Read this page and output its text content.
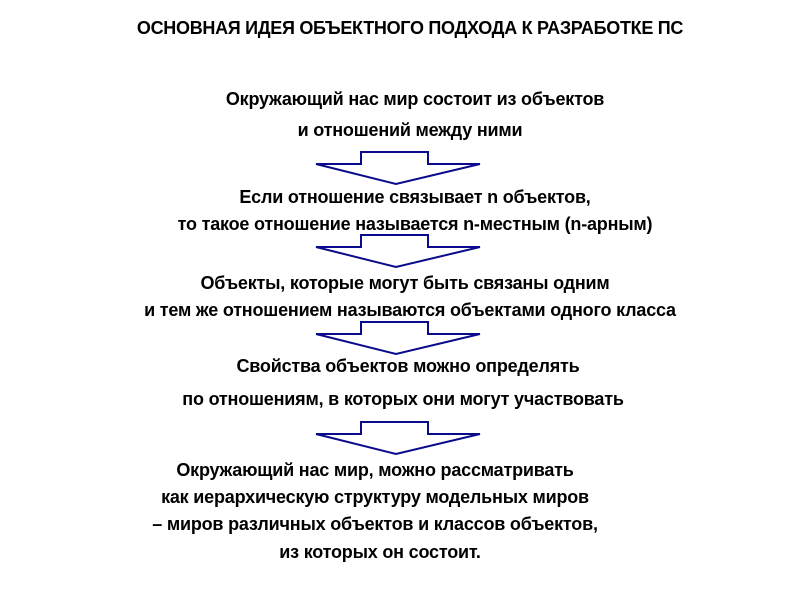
ОСНОВНАЯ ИДЕЯ ОБЪЕКТНОГО ПОДХОДА К РАЗРАБОТКЕ ПС
Окружающий нас мир состоит из объектов
и отношений между ними
Если отношение связывает n объектов,
то такое отношение называется n-местным (n-арным)
Объекты, которые могут быть связаны одним
и тем же отношением называются объектами одного класса
Свойства объектов можно определять
по отношениям, в которых они могут участвовать
Окружающий нас мир, можно рассматривать
как иерархическую структуру модельных миров
– миров различных объектов и классов объектов,
из которых он состоит.
